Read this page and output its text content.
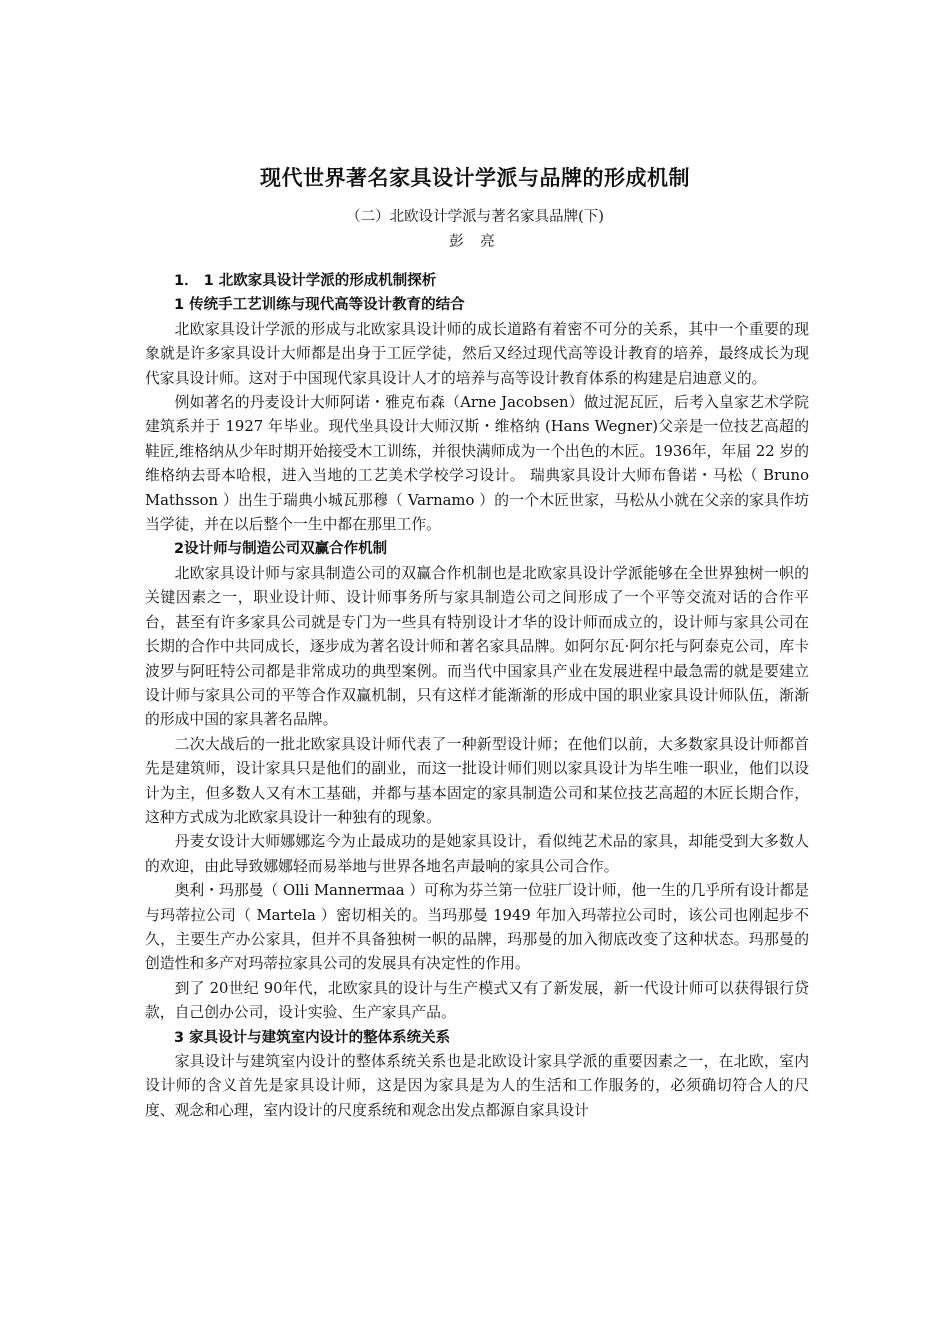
现代世界著名家具设计学派与品牌的形成机制
（二）北欧设计学派与著名家具品牌(下)
彭 亮
1． 1 北欧家具设计学派的形成机制探析
1 传统手工艺训练与现代高等设计教育的结合

北欧家具设计学派的形成与北欧家具设计师的成长道路有着密不可分的关系，其中一个重要的现象就是许多家具设计大师都是出身于工匠学徒，然后又经过现代高等设计教育的培养，最终成长为现代家具设计师。这对于中国现代家具设计人才的培养与高等设计教育体系的构建是启迪意义的。

例如著名的丹麦设计大师阿诺・雅克布森（Arne Jacobsen）做过泥瓦匠，后考入皇家艺术学院建筑系并于 1927 年毕业。现代坐具设计大师汉斯・维格纳 (Hans Wegner)父亲是一位技艺高超的鞋匠,维格纳从少年时期开始接受木工训练，并很快满师成为一个出色的木匠。1936年，年届 22 岁的维格纳去哥本哈根，进入当地的工艺美术学校学习设计。 瑞典家具设计大师布鲁诺・马松（ Bruno Mathsson ）出生于瑞典小城瓦那穆（ Varnamo ）的一个木匠世家，马松从小就在父亲的家具作坊当学徒，并在以后整个一生中都在那里工作。

2设计师与制造公司双赢合作机制

北欧家具设计师与家具制造公司的双赢合作机制也是北欧家具设计学派能够在全世界独树一帜的关键因素之一，职业设计师、设计师事务所与家具制造公司之间形成了一个平等交流对话的合作平台，甚至有许多家具公司就是专门为一些具有特别设计才华的设计师而成立的，设计师与家具公司在长期的合作中共同成长，逐步成为著名设计师和著名家具品牌。如阿尔瓦·阿尔托与阿泰克公司，库卡波罗与阿旺特公司都是非常成功的典型案例。而当代中国家具产业在发展进程中最急需的就是要建立设计师与家具公司的平等合作双赢机制，只有这样才能渐渐的形成中国的职业家具设计师队伍，渐渐的形成中国的家具著名品牌。

二次大战后的一批北欧家具设计师代表了一种新型设计师；在他们以前，大多数家具设计师都首先是建筑师，设计家具只是他们的副业，而这一批设计师们则以家具设计为毕生唯一职业，他们以设计为主，但多数人又有木工基础，并都与基本固定的家具制造公司和某位技艺高超的木匠长期合作，这种方式成为北欧家具设计一种独有的现象。

丹麦女设计大师娜娜迄今为止最成功的是她家具设计，看似纯艺术品的家具，却能受到大多数人的欢迎，由此导致娜娜轻而易举地与世界各地名声最响的家具公司合作。

奥利・玛那曼（ Olli Mannermaa ）可称为芬兰第一位驻厂设计师，他一生的几乎所有设计都是与玛蒂拉公司（ Martela ）密切相关的。当玛那曼 1949 年加入玛蒂拉公司时，该公司也刚起步不久，主要生产办公家具，但并不具备独树一帜的品牌，玛那曼的加入彻底改变了这种状态。玛那曼的创造性和多产对玛蒂拉家具公司的发展具有决定性的作用。

到了 20世纪 90年代，北欧家具的设计与生产模式又有了新发展，新一代设计师可以获得银行贷款，自己创办公司，设计实验、生产家具产品。

3 家具设计与建筑室内设计的整体系统关系

家具设计与建筑室内设计的整体系统关系也是北欧设计家具学派的重要因素之一，在北欧，室内设计师的含义首先是家具设计师，这是因为家具是为人的生活和工作服务的，必须确切符合人的尺度、观念和心理，室内设计的尺度系统和观念出发点都源自家具设计
